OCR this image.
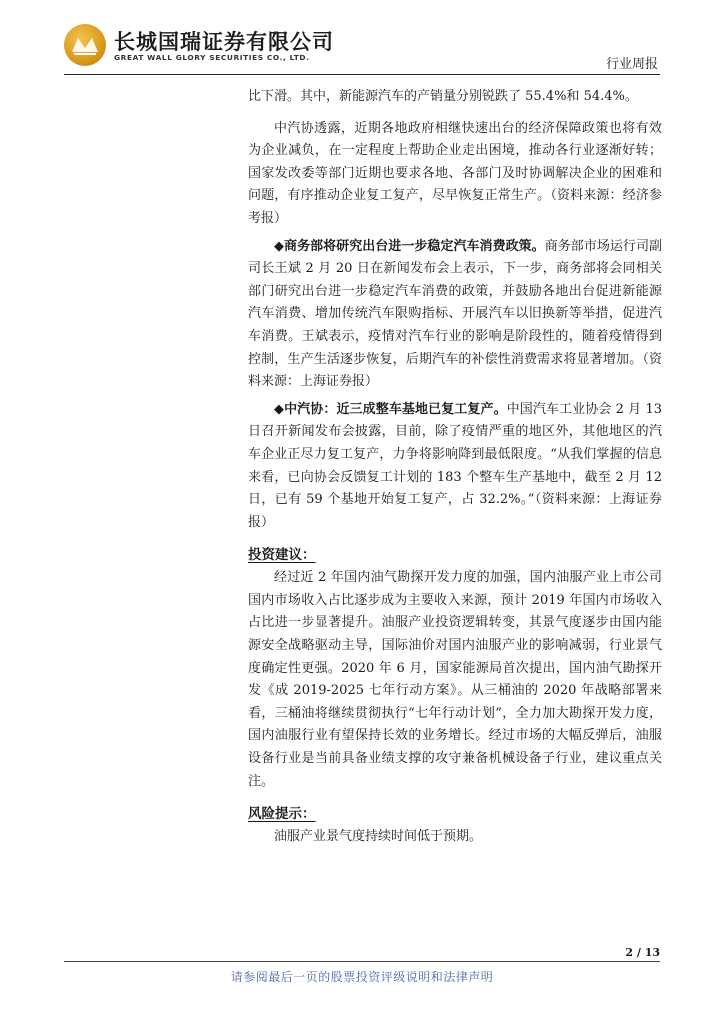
长城国瑞证券有限公司
GREAT WALL GLORY SECURITIES CO., LTD.	行业周报

比下滑。其中，新能源汽车的产销量分别锐跌了 55.4%和 54.4%。

中汽协透露，近期各地政府相继快速出台的经济保障政策也将有效为企业减负，在一定程度上帮助企业走出困境，推动各行业逐渐好转；国家发改委等部门近期也要求各地、各部门及时协调解决企业的困难和问题，有序推动企业复工复产，尽早恢复正常生产。（资料来源：经济参考报）

◆商务部将研究出台进一步稳定汽车消费政策。商务部市场运行司副司长王斌 2 月 20 日在新闻发布会上表示，下一步，商务部将会同相关部门研究出台进一步稳定汽车消费的政策，并鼓励各地出台促进新能源汽车消费、增加传统汽车限购指标、开展汽车以旧换新等举措，促进汽车消费。王斌表示，疫情对汽车行业的影响是阶段性的，随着疫情得到控制，生产生活逐步恢复，后期汽车的补偿性消费需求将显著增加。（资料来源：上海证券报）

◆中汽协：近三成整车基地已复工复产。中国汽车工业协会 2 月 13 日召开新闻发布会披露，目前，除了疫情严重的地区外，其他地区的汽车企业正尽力复工复产，力争将影响降到最低限度。“从我们掌握的信息来看，已向协会反馈复工计划的 183 个整车生产基地中，截至 2 月 12 日，已有 59 个基地开始复工复产，占 32.2%。”（资料来源：上海证券报）

投资建议：

经过近 2 年国内油气勘探开发力度的加强，国内油服产业上市公司国内市场收入占比逐步成为主要收入来源，预计 2019 年国内市场收入占比进一步显著提升。油服产业投资逻辑转变，其景气度逐步由国内能源安全战略驱动主导，国际油价对国内油服产业的影响减弱，行业景气度确定性更强。2020 年 6 月，国家能源局首次提出，国内油气勘探开发《成 2019-2025 七年行动方案》。从三桶油的 2020 年战略部署来看，三桶油将继续贯彻执行“七年行动计划”，全力加大勘探开发力度，国内油服行业有望保持长效的业务增长。经过市场的大幅反弹后，油服设备行业是当前具备业绩支撑的攻守兼备机械设备子行业，建议重点关注。

风险提示：

油服产业景气度持续时间低于预期。

2 / 13
请参阅最后一页的股票投资评级说明和法律声明
